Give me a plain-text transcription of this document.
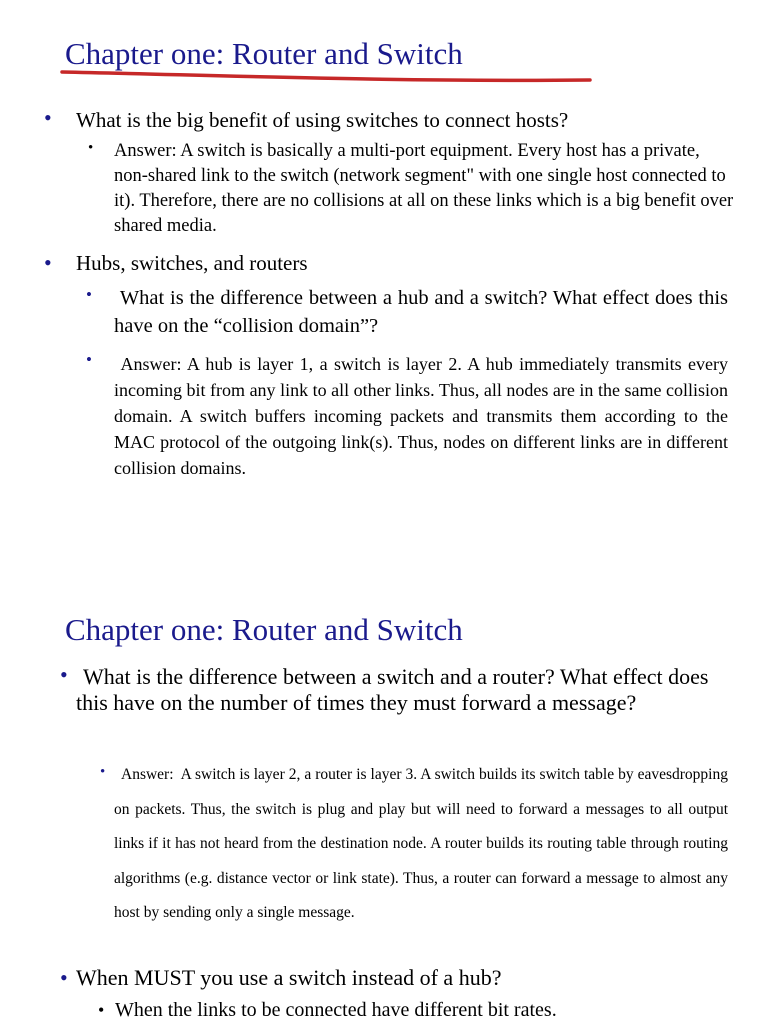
Chapter one: Router and Switch
• What is the big benefit of using switches to connect hosts?
• Answer: A switch is basically a multi-port equipment. Every host has a private, non-shared link to the switch (network segment" with one single host connected to it). Therefore, there are no collisions at all on these links which is a big benefit over shared media.
• Hubs, switches, and routers
• What is the difference between a hub and a switch? What effect does this have on the “collision domain”?
• Answer: A hub is layer 1, a switch is layer 2. A hub immediately transmits every incoming bit from any link to all other links. Thus, all nodes are in the same collision domain. A switch buffers incoming packets and transmits them according to the MAC protocol of the outgoing link(s). Thus, nodes on different links are in different collision domains.
Chapter one: Router and Switch
• What is the difference between a switch and a router? What effect does this have on the number of times they must forward a message?
•	Answer:  A switch is layer 2, a router is layer 3. A switch builds its switch table by eavesdropping on packets. Thus, the switch is plug and play but will need to forward a messages to all output links if it has not heard from the destination node. A router builds its routing table through routing algorithms (e.g. distance vector or link state). Thus, a router can forward a message to almost any host by sending only a single message.
• When MUST you use a switch instead of a hub?
• When the links to be connected have different bit rates.
